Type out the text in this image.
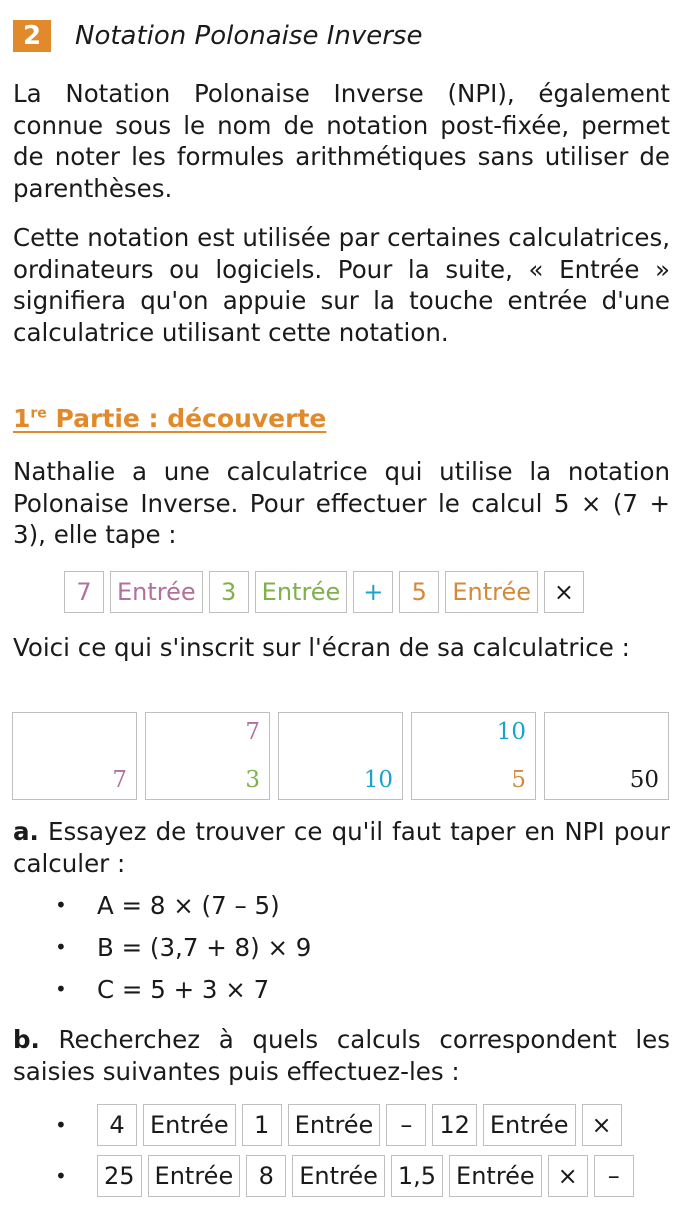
2	Notation Polonaise Inverse

La Notation Polonaise Inverse (NPI), également connue sous le nom de notation post-fixée, permet de noter les formules arithmétiques sans utiliser de parenthèses.

Cette notation est utilisée par certaines calculatrices, ordinateurs ou logiciels. Pour la suite, « Entrée » signifiera qu'on appuie sur la touche entrée d'une calculatrice utilisant cette notation.

1re Partie : découverte

Nathalie a une calculatrice qui utilise la notation Polonaise Inverse. Pour effectuer le calcul 5 × (7 + 3), elle tape :

7	Entrée	3	Entrée +	5	Entrée ×

Voici ce qui s'inscrit sur l'écran de sa calculatrice :

7
7
3	10
10
5	50

a. Essayez de trouver ce qu'il faut taper en NPI pour calculer :

•	A = 8 × (7 – 5)
•	B = (3,7 + 8) × 9
•	C = 5 + 3 × 7

b. Recherchez à quels calculs correspondent les saisies suivantes puis effectuez-les :

•	4	Entrée	1	Entrée	–	12 Entrée ×
•	25 Entrée	8	Entrée 1,5 Entrée ×	–
